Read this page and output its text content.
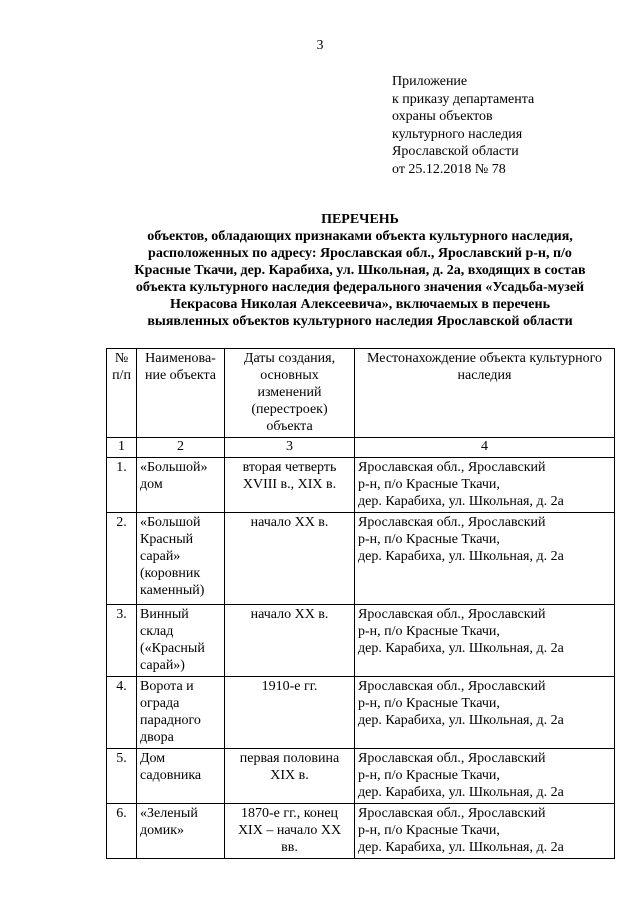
3
Приложение
к приказу департамента
охраны объектов
культурного наследия
Ярославской области
от 25.12.2018 № 78
ПЕРЕЧЕНЬ
объектов, обладающих признаками объекта культурного наследия,
расположенных по адресу: Ярославская обл., Ярославский р-н, п/о
Красные Ткачи, дер. Карабиха, ул. Школьная, д. 2а, входящих в состав
объекта культурного наследия федерального значения «Усадьба-музей
Некрасова Николая Алексеевича», включаемых в перечень
выявленных объектов культурного наследия Ярославской области
№ п/п	Наименова-ние объекта	Даты создания, основных изменений (перестроек) объекта	Местонахождение объекта культурного наследия
1	2	3	4
1.	«Большой» дом	вторая четверть XVIII в., XIX в.	Ярославская обл., Ярославский
р-н, п/о Красные Ткачи,
дер. Карабиха, ул. Школьная, д. 2а

2.	«Большой Красный сарай» (коровник каменный)	начало XX в.	Ярославская обл., Ярославский
р-н, п/о Красные Ткачи,
дер. Карабиха, ул. Школьная, д. 2а

3.	Винный склад («Красный сарай»)	начало XX в.	Ярославская обл., Ярославский
р-н, п/о Красные Ткачи,
дер. Карабиха, ул. Школьная, д. 2а

4.	Ворота и ограда парадного двора	1910-е гг.	Ярославская обл., Ярославский
р-н, п/о Красные Ткачи,
дер. Карабиха, ул. Школьная, д. 2а

5.	Дом садовника	первая половина XIX в.	Ярославская обл., Ярославский
р-н, п/о Красные Ткачи,
дер. Карабиха, ул. Школьная, д. 2а

6.	«Зеленый домик»	1870-е гг., конец XIX – начало XX вв.	Ярославская обл., Ярославский
р-н, п/о Красные Ткачи,
дер. Карабиха, ул. Школьная, д. 2а
